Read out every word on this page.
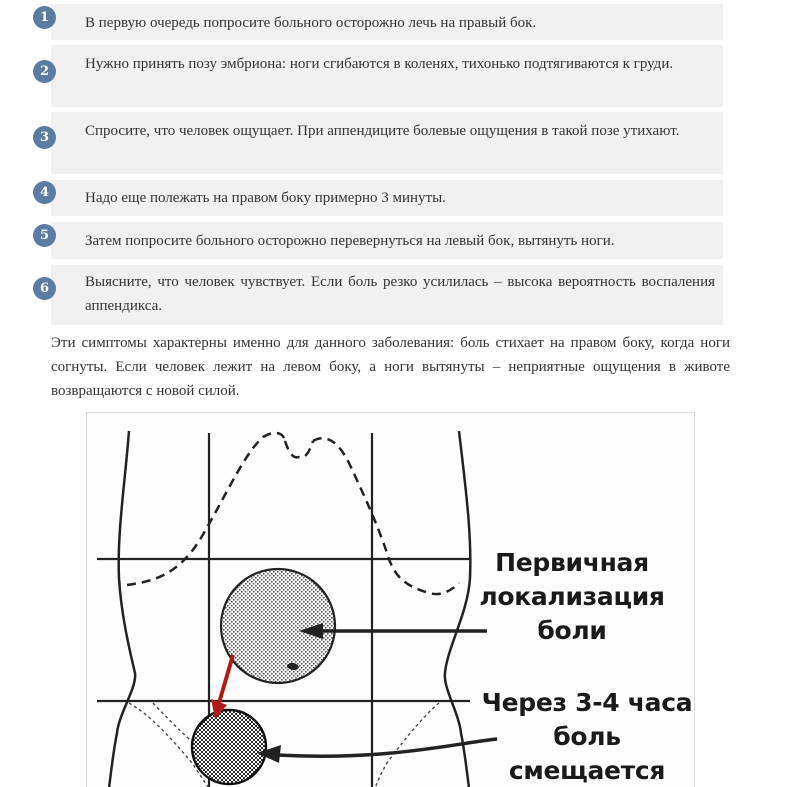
1	В первую очередь попросите больного осторожно лечь на правый бок.
2	Нужно принять позу эмбриона: ноги сгибаются в коленях, тихонько подтягиваются к груди.
3	Спросите, что человек ощущает. При аппендиците болевые ощущения в такой позе утихают.
4	Надо еще полежать на правом боку примерно 3 минуты.
5	Затем попросите больного осторожно перевернуться на левый бок, вытянуть ноги.
6	Выясните, что человек чувствует. Если боль резко усилилась – высока вероятность воспаления аппендикса.
Эти симптомы характерны именно для данного заболевания: боль стихает на правом боку, когда ноги согнуты. Если человек лежит на левом боку, а ноги вытянуты – неприятные ощущения в животе возвращаются с новой силой.
Первичная
локализация
боли
Через 3-4 часа
боль
смещается
